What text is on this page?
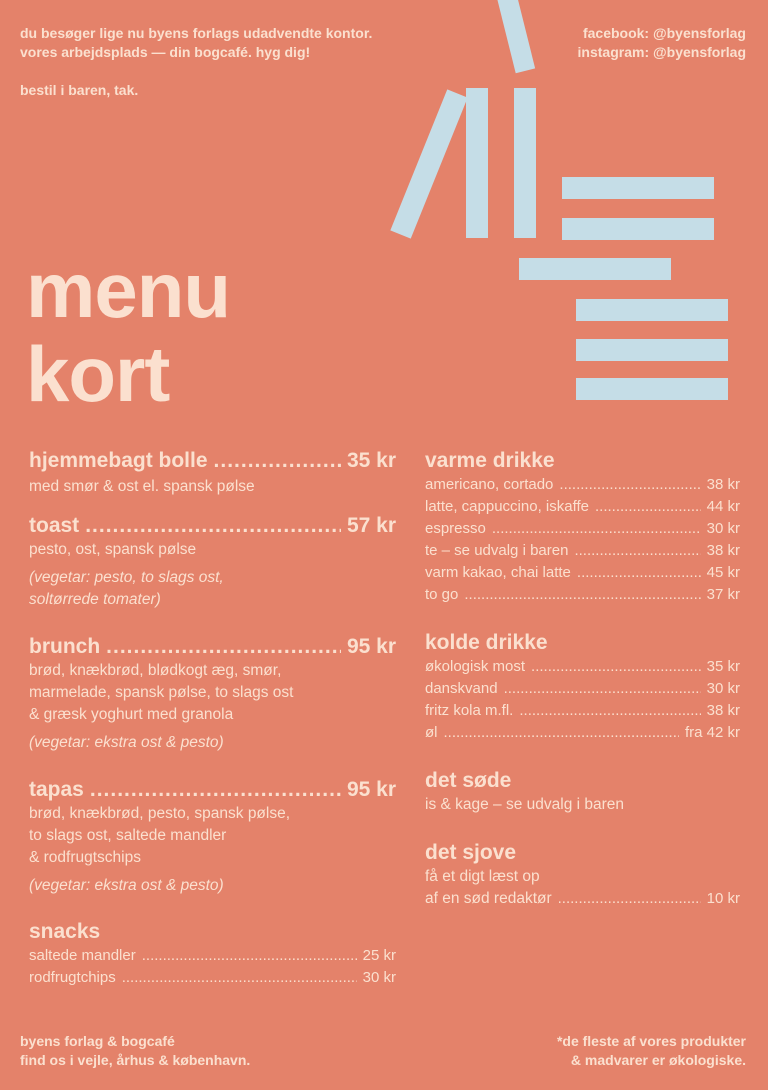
du besøger lige nu byens forlags udadvendte kontor.
vores arbejdsplads — din bogcafé. hyg dig!
bestil i baren, tak.
facebook: @byensforlag
instagram: @byensforlag
menu
kort
hjemmebagt bolle .....	35 kr
med smør & ost el. spansk pølse
toast .....	57 kr
pesto, ost, spansk pølse
(vegetar: pesto, to slags ost,
soltørrede tomater)
brunch .....	95 kr
brød, knækbrød, blødkogt æg, smør,
marmelade, spansk pølse, to slags ost
& græsk yoghurt med granola
(vegetar: ekstra ost & pesto)
tapas .....	95 kr
brød, knækbrød, pesto, spansk pølse,
to slags ost, saltede mandler
& rodfrugtschips
(vegetar: ekstra ost & pesto)
snacks
saltede mandler .....	25 kr
rodfrugtchips .....	30 kr
varme drikke
americano, cortado .....	38 kr
latte, cappuccino, iskaffe .....	44 kr
espresso .....	30 kr
te – se udvalg i baren .....	38 kr
varm kakao, chai latte .....	45 kr
to go .....	37 kr
kolde drikke
økologisk most .....	35 kr
danskvand .....	30 kr
fritz kola m.fl. .....	38 kr
øl .....	fra 42 kr
det søde
is & kage – se udvalg i baren
det sjove
få et digt læst op
af en sød redaktør .....	10 kr
byens forlag & bogcafé
find os i vejle, århus & københavn.
*de fleste af vores produkter
& madvarer er økologiske.
